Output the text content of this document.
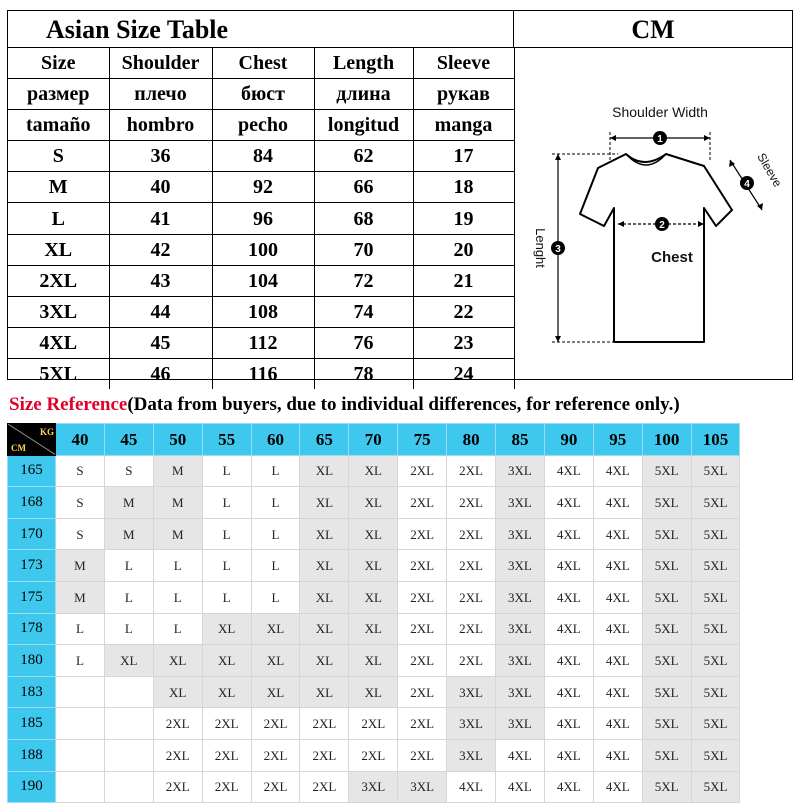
Asian Size Table	CM
Size	Shoulder	Chest	Length	Sleeve
размер	плечо	бюст	длина	рукав
tamaño	hombro	pecho	longitud	manga
S	36	84	62	17
M	40	92	66	18
L	41	96	68	19
XL	42	100	70	20
2XL	43	104	72	21
3XL	44	108	74	22
4XL	45	112	76	23
5XL	46	116	78	24
1
Shoulder Width
2
Chest
3
Lenght
4 Sleeve
Size Reference(Data from buyers, due to individual differences, for reference only.)
KG
CM	40	45	50	55	60	65	70	75	80	85	90	95	100	105
165	S	S	M	L	L	XL	XL	2XL	2XL	3XL	4XL	4XL	5XL	5XL
168	S	M	M	L	L	XL	XL	2XL	2XL	3XL	4XL	4XL	5XL	5XL
170	S	M	M	L	L	XL	XL	2XL	2XL	3XL	4XL	4XL	5XL	5XL
173	M	L	L	L	L	XL	XL	2XL	2XL	3XL	4XL	4XL	5XL	5XL
175	M	L	L	L	L	XL	XL	2XL	2XL	3XL	4XL	4XL	5XL	5XL
178	L	L	L	XL	XL	XL	XL	2XL	2XL	3XL	4XL	4XL	5XL	5XL
180	L	XL	XL	XL	XL	XL	XL	2XL	2XL	3XL	4XL	4XL	5XL	5XL
183			XL	XL	XL	XL	XL	2XL	3XL	3XL	4XL	4XL	5XL	5XL
185			2XL	2XL	2XL	2XL	2XL	2XL	3XL	3XL	4XL	4XL	5XL	5XL
188			2XL	2XL	2XL	2XL	2XL	2XL	3XL	4XL	4XL	4XL	5XL	5XL
190			2XL	2XL	2XL	2XL	3XL	3XL	4XL	4XL	4XL	4XL	5XL	5XL
